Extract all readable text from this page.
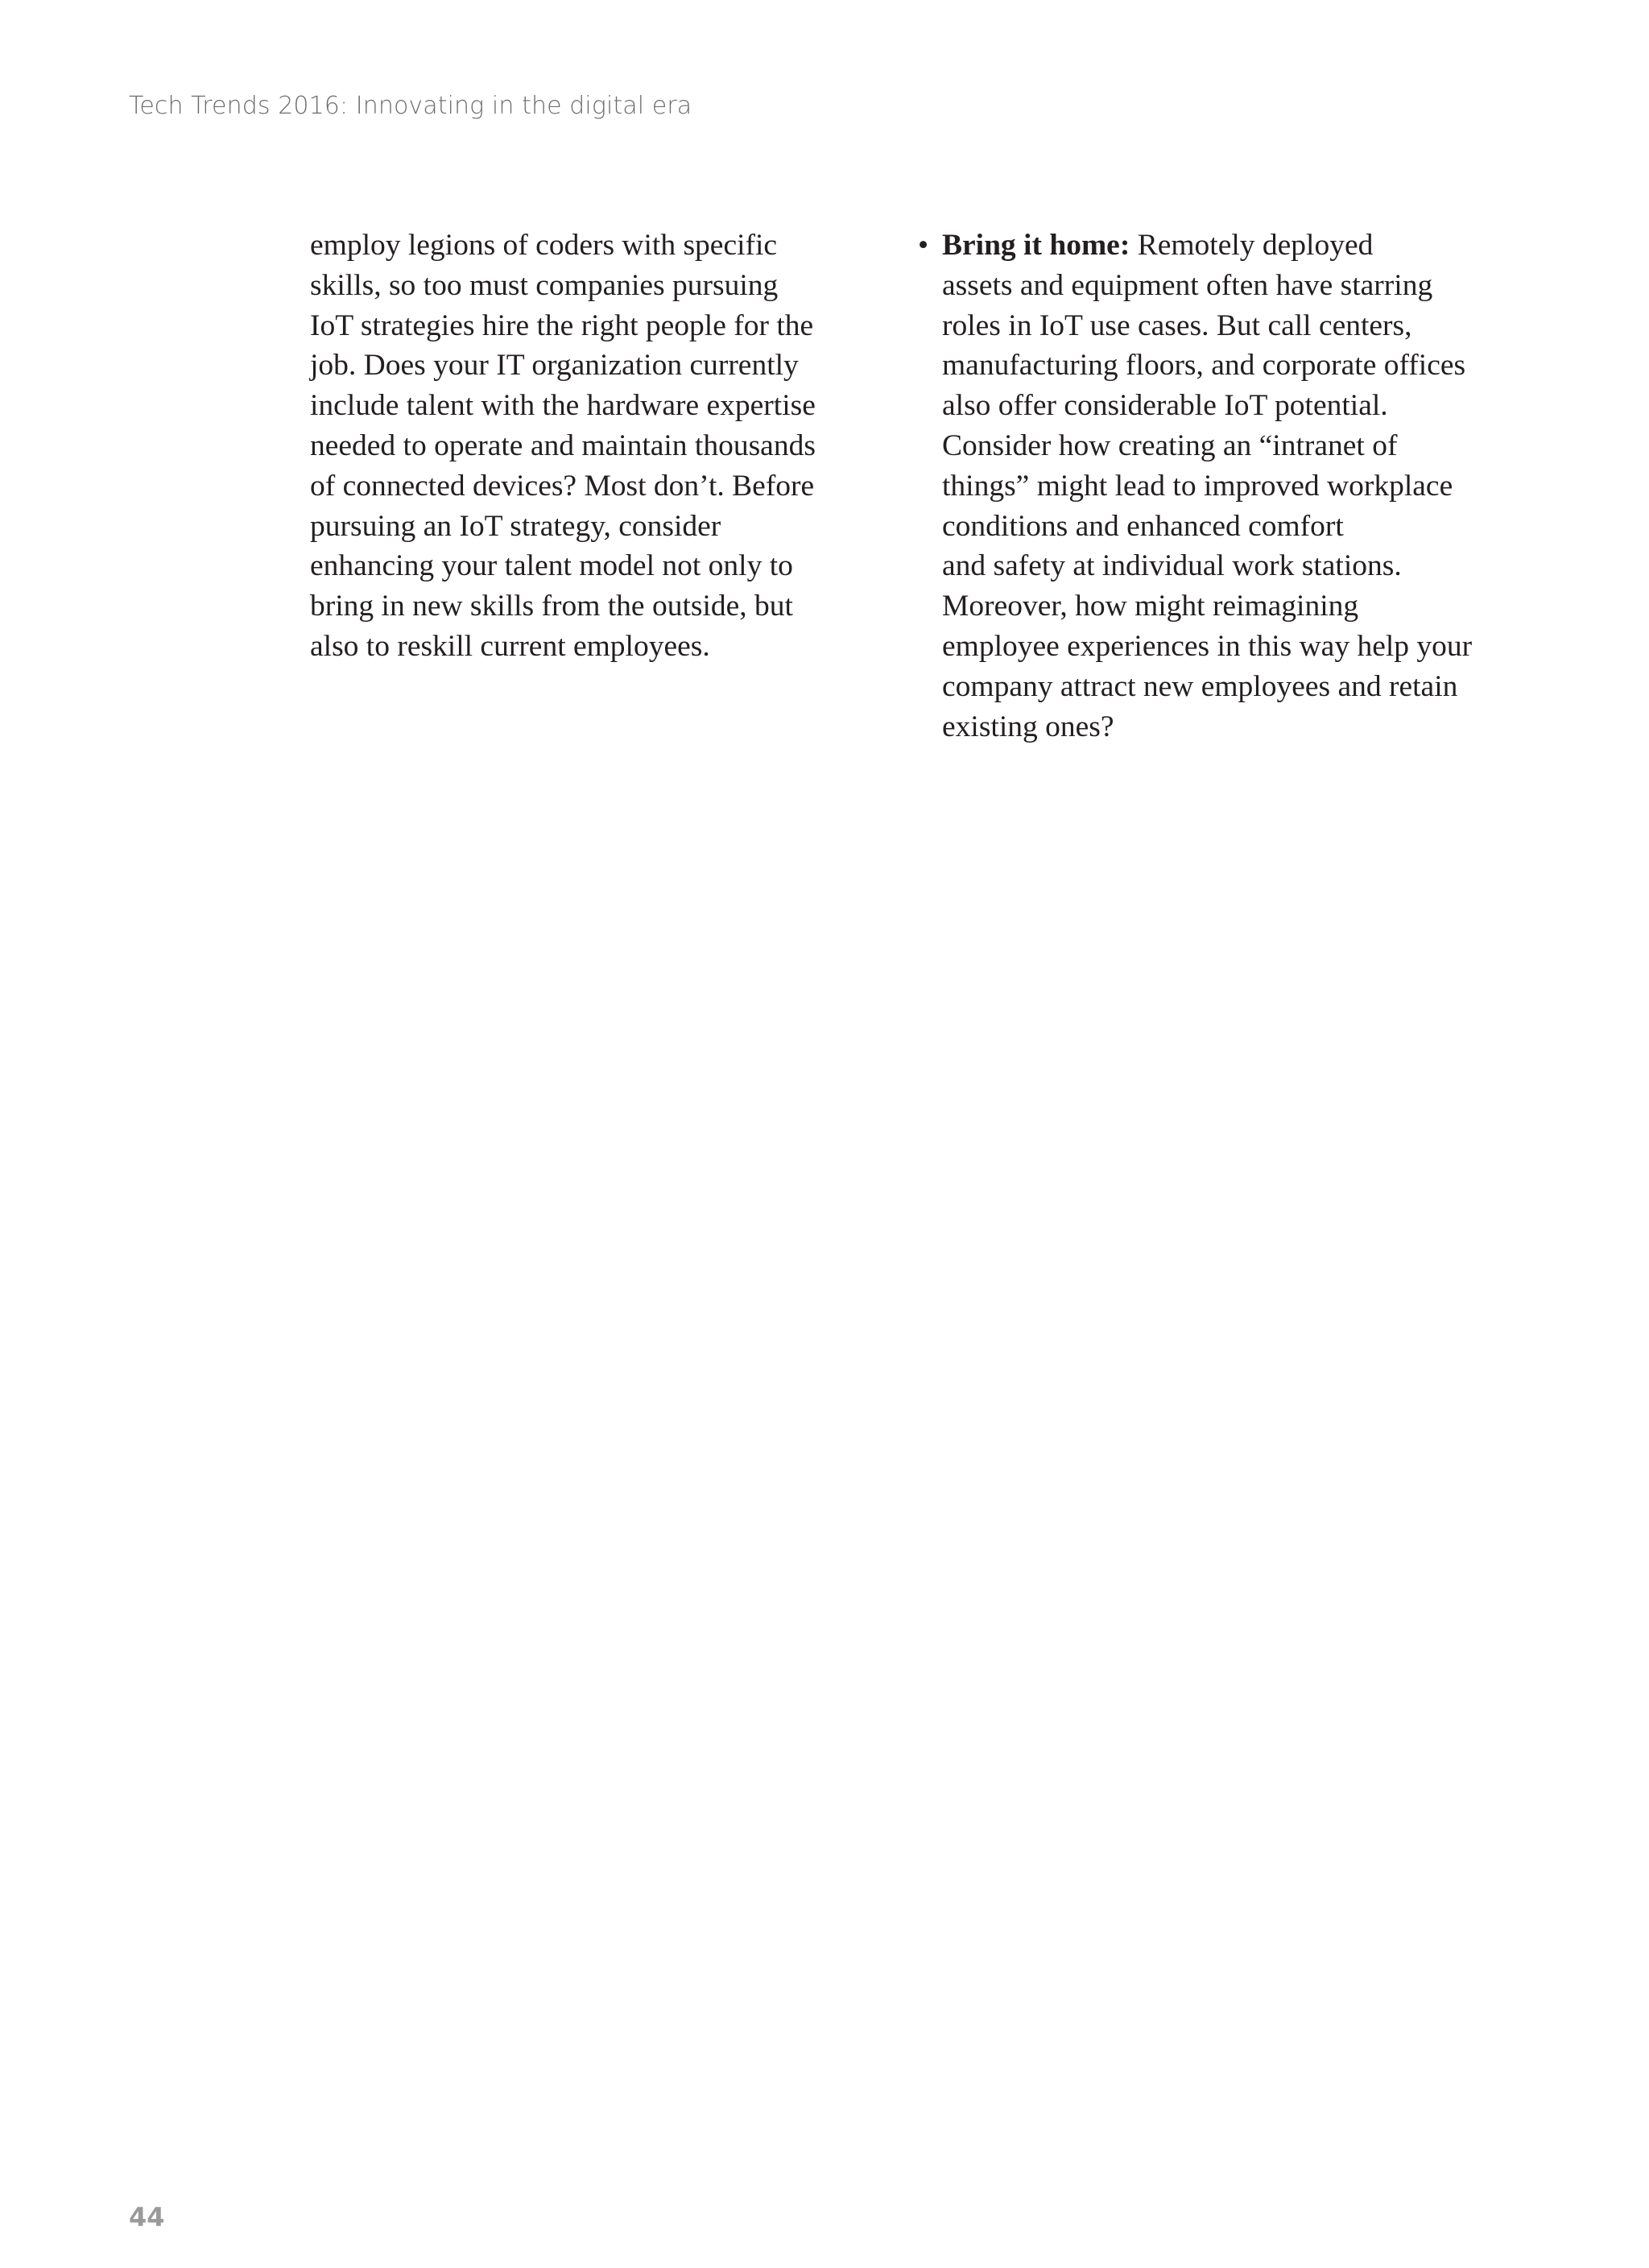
Tech Trends 2016: Innovating in the digital era
employ legions of coders with specific
skills, so too must companies pursuing
IoT strategies hire the right people for the
job. Does your IT organization currently
include talent with the hardware expertise
needed to operate and maintain thousands
of connected devices? Most don’t. Before
pursuing an IoT strategy, consider
enhancing your talent model not only to
bring in new skills from the outside, but
also to reskill current employees.
• Bring it home: Remotely deployed
assets and equipment often have starring
roles in IoT use cases. But call centers,
manufacturing floors, and corporate offices
also offer considerable IoT potential.
Consider how creating an “intranet of
things” might lead to improved workplace
conditions and enhanced comfort
and safety at individual work stations.
Moreover, how might reimagining
employee experiences in this way help your
company attract new employees and retain
existing ones?
44
